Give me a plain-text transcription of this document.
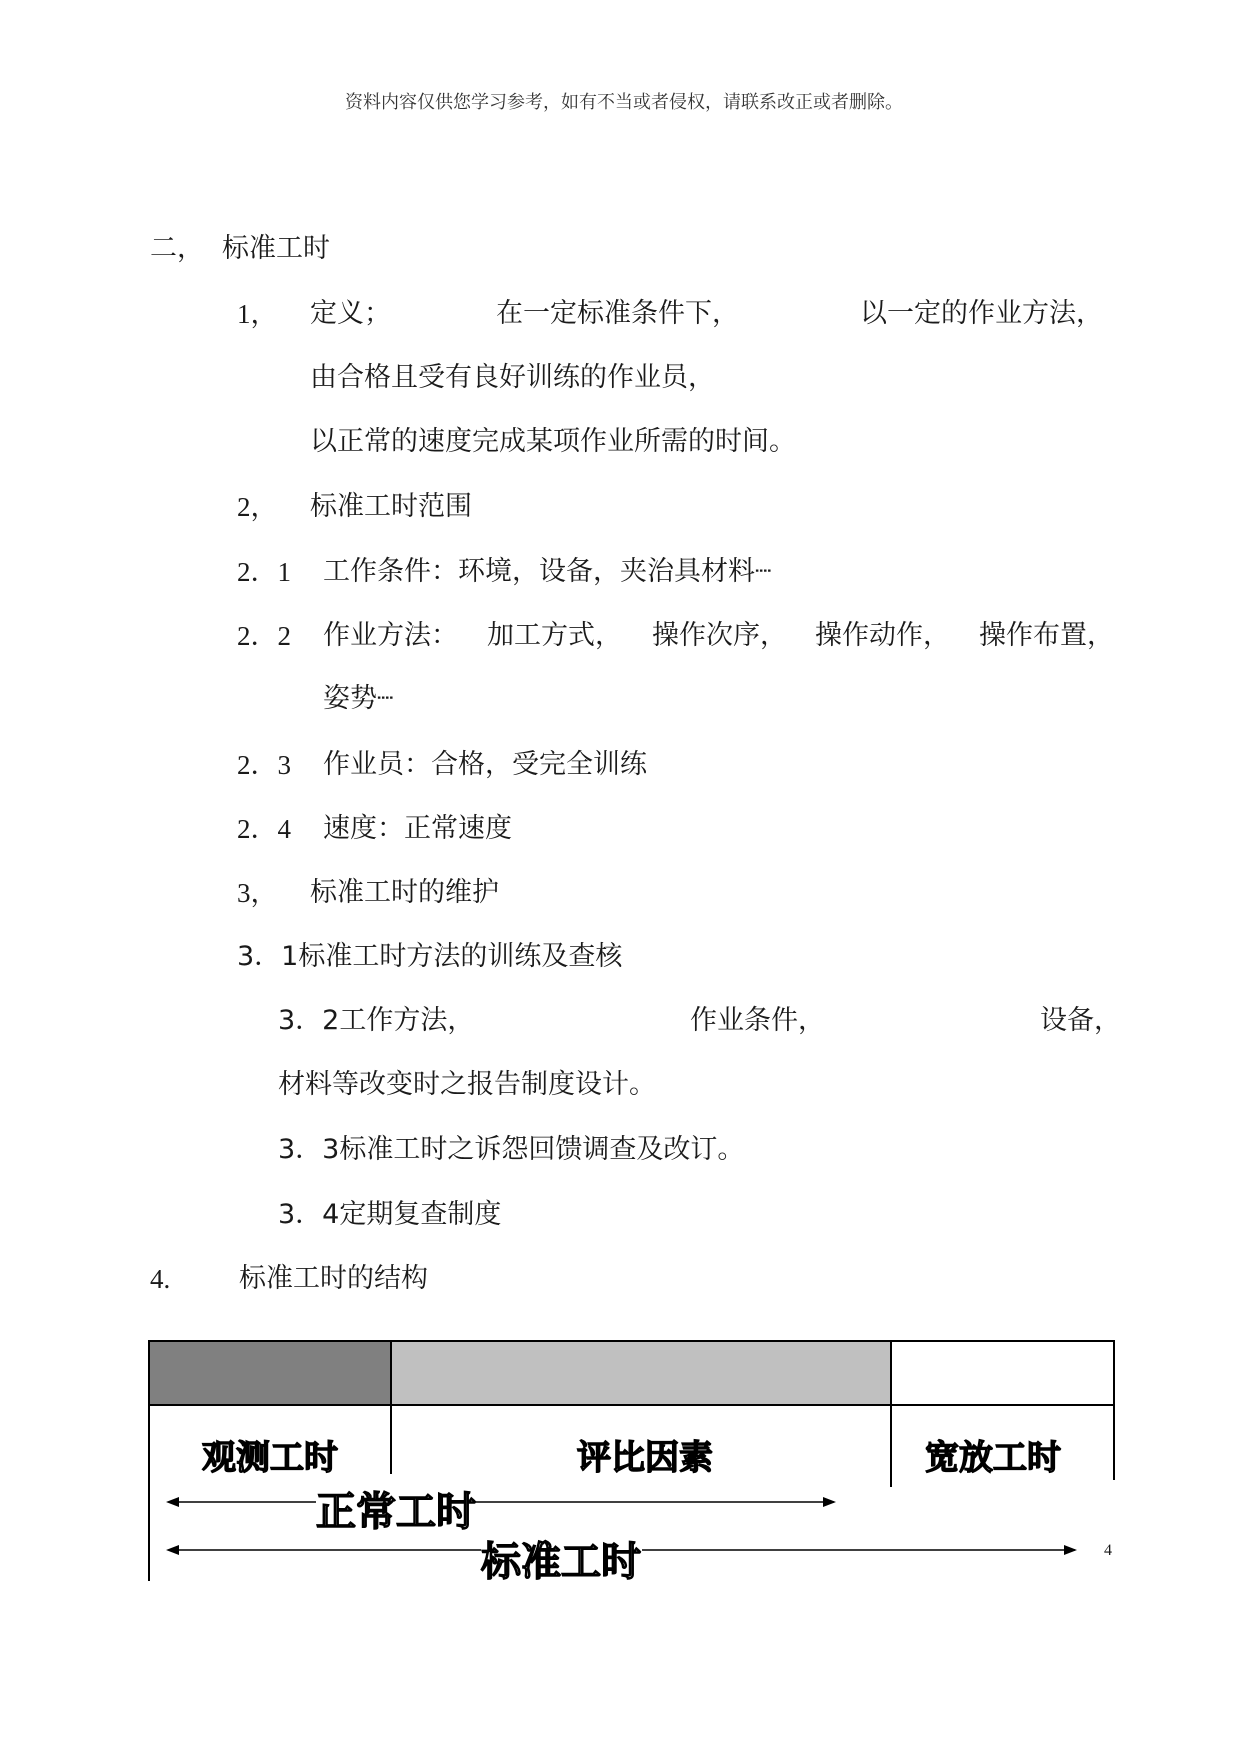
资料内容仅供您学习参考，如有不当或者侵权，请联系改正或者删除。
二， 标准工时
1， 定义；	在一定标准条件下，	以一定的作业方法，
由合格且受有良好训练的作业员，
以正常的速度完成某项作业所需的时间。
2， 标准工时范围
2．1 工作条件：环境，设备，夹治具材料┈
2．2 作业方法： 加工方式， 操作次序， 操作动作， 操作布置，
姿势┈
2．3 作业员：合格，受完全训练
2．4 速度：正常速度
3， 标准工时的维护
3．1标准工时方法的训练及查核
3．2工作方法，	作业条件，	设备，
材料等改变时之报告制度设计。
3．3标准工时之诉怨回馈调查及改订。
3．4定期复查制度
4.	标准工时的结构
观测工时	评比因素	宽放工时
正常工时
标准工时	4
